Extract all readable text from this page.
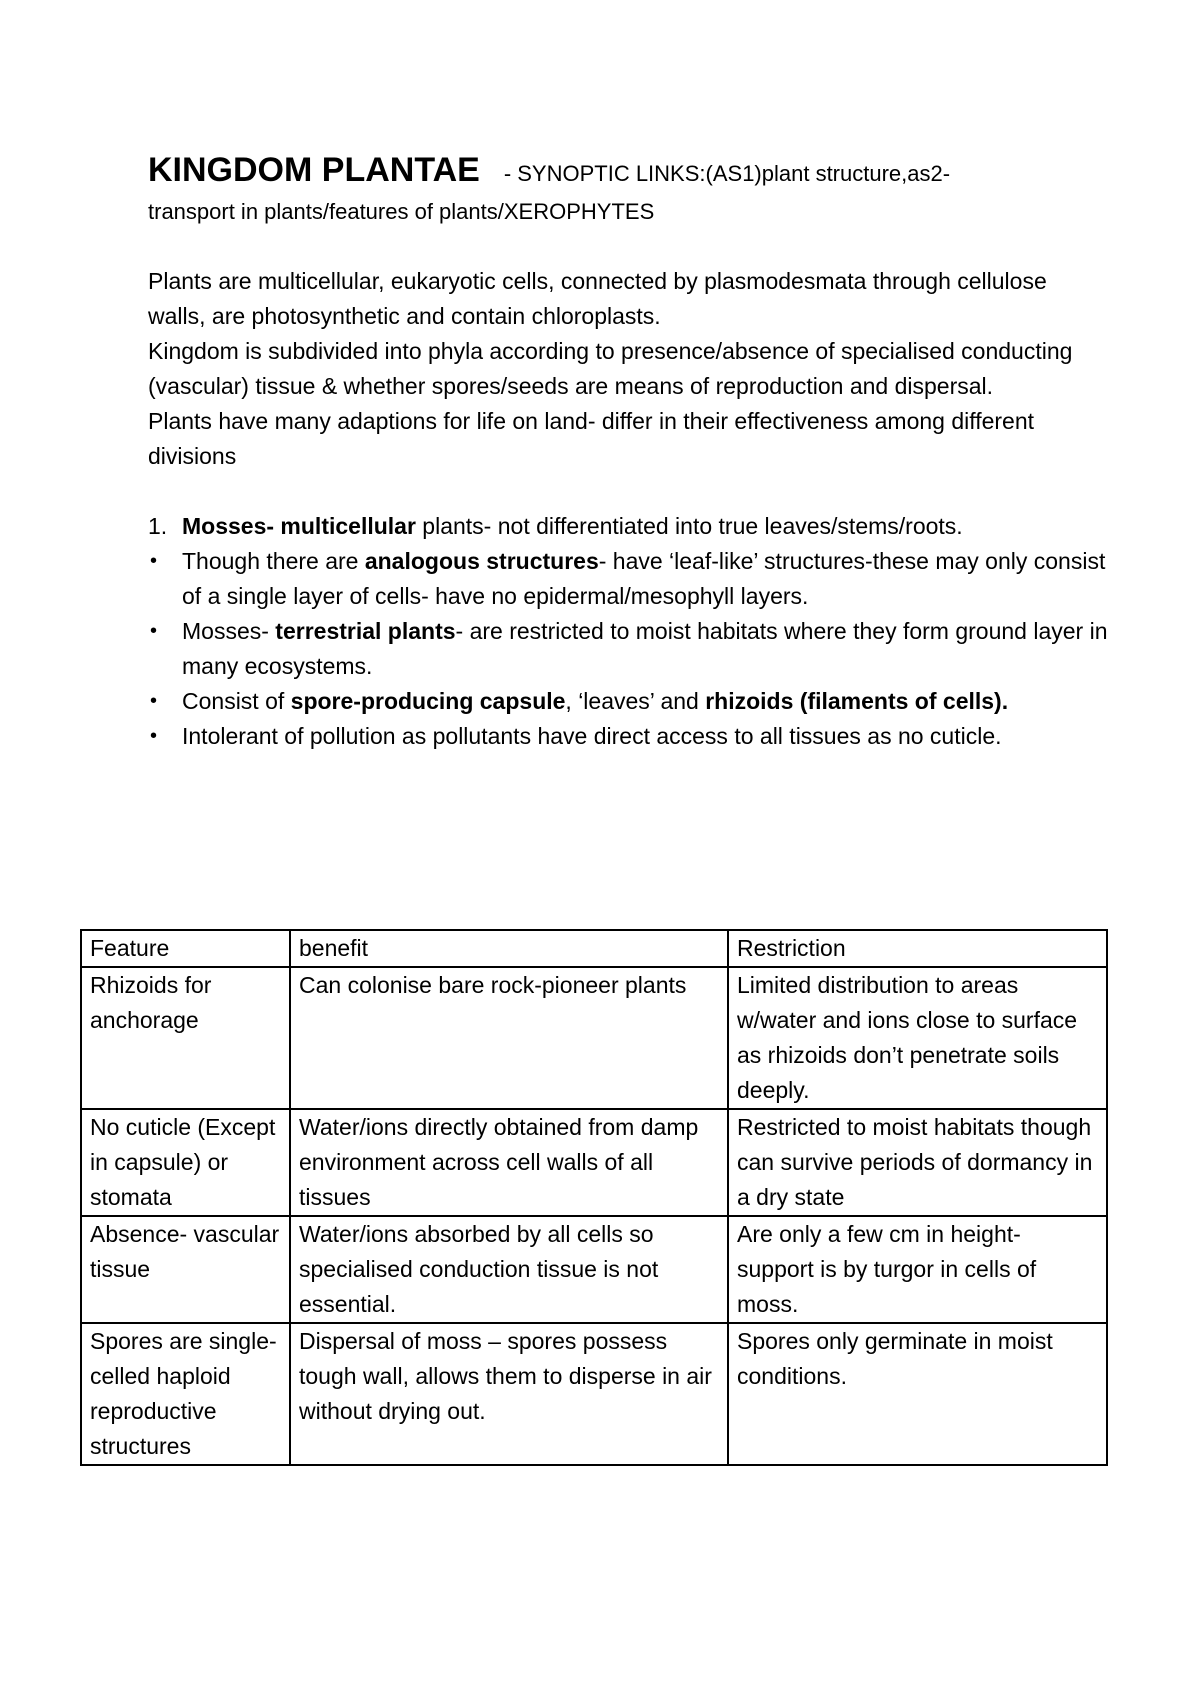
KINGDOM PLANTAE - SYNOPTIC LINKS:(AS1)plant structure,as2-
transport in plants/features of plants/XEROPHYTES

Plants are multicellular, eukaryotic cells, connected by plasmodesmata through cellulose walls, are photosynthetic and contain chloroplasts.

Kingdom is subdivided into phyla according to presence/absence of specialised conducting (vascular) tissue & whether spores/seeds are means of reproduction and dispersal.

Plants have many adaptions for life on land- differ in their effectiveness among different divisions

1. Mosses- multicellular plants- not differentiated into true leaves/stems/roots.
• Though there are analogous structures- have ‘leaf-like’ structures-these may only consist of a single layer of cells- have no epidermal/mesophyll layers.
• Mosses- terrestrial plants- are restricted to moist habitats where they form ground layer in many ecosystems.
• Consist of spore-producing capsule, ‘leaves’ and rhizoids (filaments of cells).
• Intolerant of pollution as pollutants have direct access to all tissues as no cuticle.
Feature	benefit	Restriction
Rhizoids for anchorage	Can colonise bare rock-pioneer plants	Limited distribution to areas w/water and ions close to surface as rhizoids don’t penetrate soils deeply.
No cuticle (Except in capsule) or stomata	Water/ions directly obtained from damp environment across cell walls of all tissues	Restricted to moist habitats though can survive periods of dormancy in a dry state
Absence- vascular tissue	Water/ions absorbed by all cells so specialised conduction tissue is not essential.	Are only a few cm in height- support is by turgor in cells of moss.
Spores are single-celled haploid reproductive structures	Dispersal of moss – spores possess tough wall, allows them to disperse in air without drying out.	Spores only germinate in moist conditions.
